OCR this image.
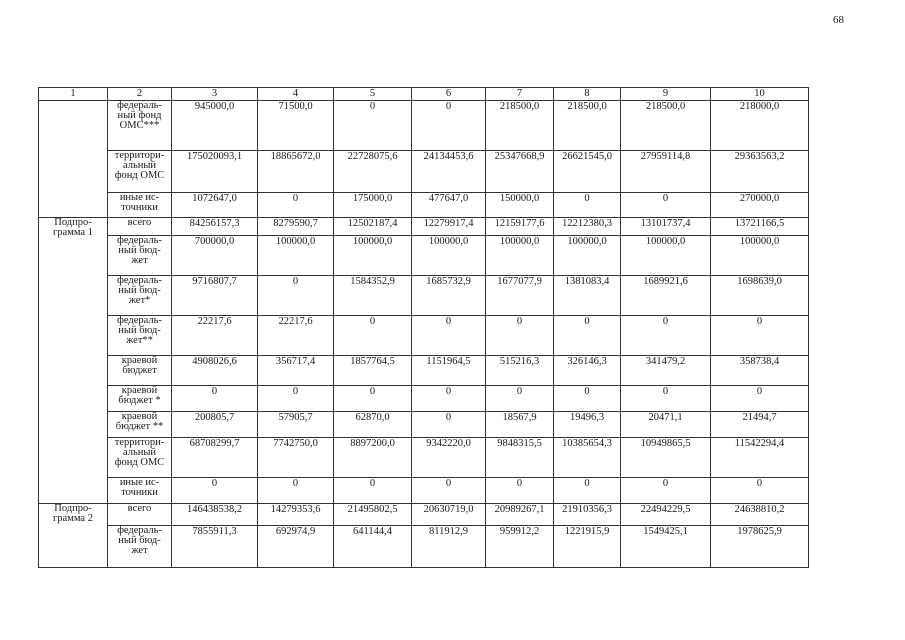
68
1	2	3	4	5	6	7	8	9	10
	федераль-
ный фонд
ОМС***	945000,0	71500,0	0	0	218500,0	218500,0	218500,0	218000,0
	территори-
альный
фонд ОМС	175020093,1	18865672,0	22728075,6	24134453,6	25347668,9	26621545,0	27959114,8	29363563,2
	иные ис-
точники	1072647,0	0	175000,0	477647,0	150000,0	0	0	270000,0
Подпро-
грамма 1	всего	84256157,3	8279590,7	12502187,4	12279917,4	12159177,6	12212380,3	13101737,4	13721166,5
	федераль-
ный бюд-
жет	700000,0	100000,0	100000,0	100000,0	100000,0	100000,0	100000,0	100000,0
	федераль-
ный бюд-
жет*	9716807,7	0	1584352,9	1685732,9	1677077,9	1381083,4	1689921,6	1698639,0
	федераль-
ный бюд-
жет**	22217,6	22217,6	0	0	0	0	0	0
	краевой
бюджет	4908026,6	356717,4	1857764,5	1151964,5	515216,3	326146,3	341479,2	358738,4
	краевой
бюджет *	0	0	0	0	0	0	0	0
	краевой
бюджет **	200805,7	57905,7	62870,0	0	18567,9	19496,3	20471,1	21494,7
	территори-
альный
фонд ОМС	68708299,7	7742750,0	8897200,0	9342220,0	9848315,5	10385654,3	10949865,5	11542294,4
	иные ис-
точники	0	0	0	0	0	0	0	0
Подпро-
грамма 2	всего	146438538,2	14279353,6	21495802,5	20630719,0	20989267,1	21910356,3	22494229,5	24638810,2
	федераль-
ный бюд-
жет	7855911,3	692974,9	641144,4	811912,9	959912,2	1221915,9	1549425,1	1978625,9
